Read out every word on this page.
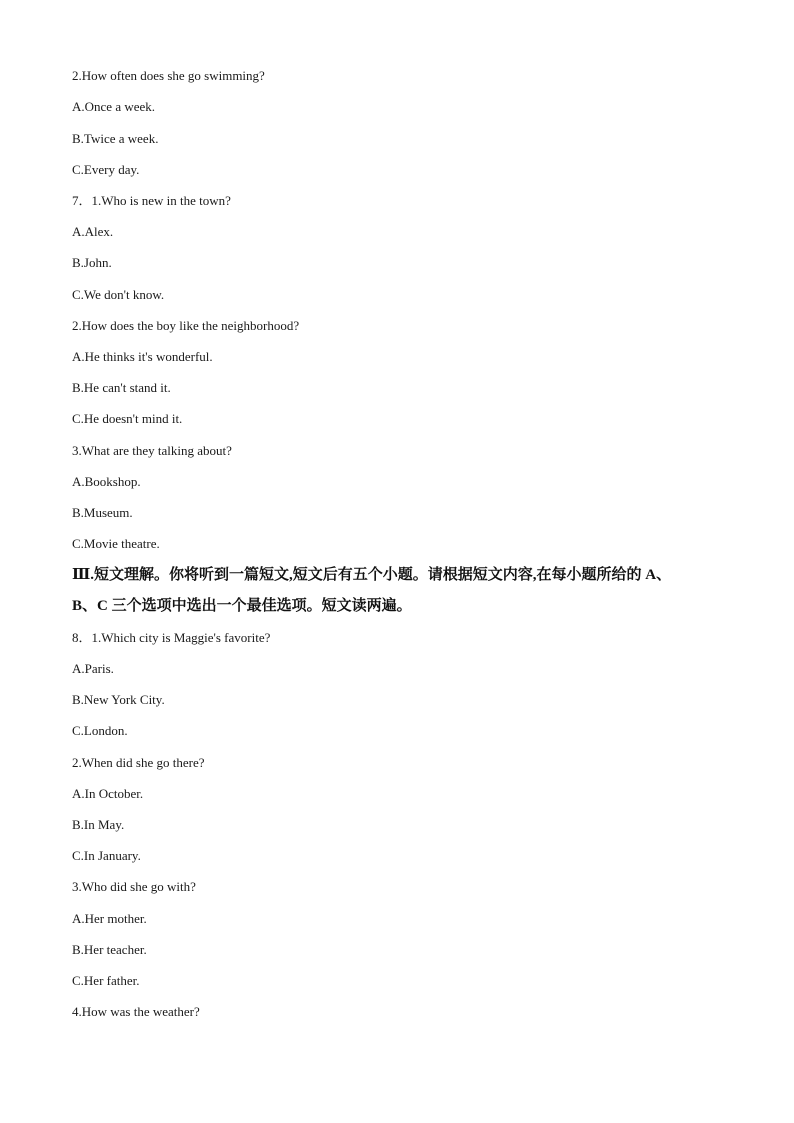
2.How often does she go swimming?
A.Once a week.
B.Twice a week.
C.Every day.
7．1.Who is new in the town?
A.Alex.
B.John.
C.We don't know.
2.How does the boy like the neighborhood?
A.He thinks it's wonderful.
B.He can't stand it.
C.He doesn't mind it.
3.What are they talking about?
A.Bookshop.
B.Museum.
C.Movie theatre.
Ⅲ.短文理解。你将听到一篇短文,短文后有五个小题。请根据短文内容,在每小题所给的 A、
B、C 三个选项中选出一个最佳选项。短文读两遍。
8．1.Which city is Maggie's favorite?
A.Paris.
B.New York City.
C.London.
2.When did she go there?
A.In October.
B.In May.
C.In January.
3.Who did she go with?
A.Her mother.
B.Her teacher.
C.Her father.
4.How was the weather?
